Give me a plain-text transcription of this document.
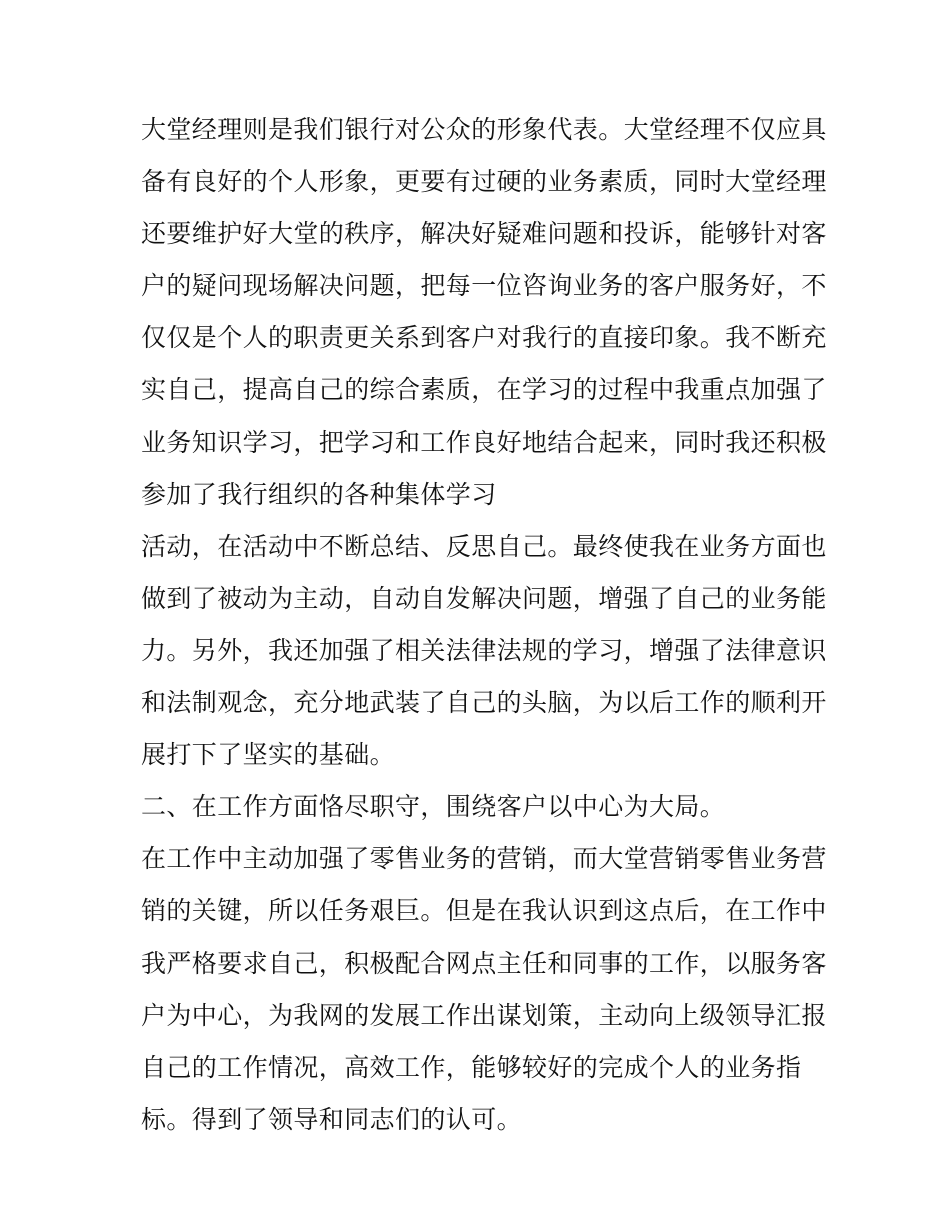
大堂经理则是我们银行对公众的形象代表。大堂经理不仅应具
备有良好的个人形象，更要有过硬的业务素质，同时大堂经理
还要维护好大堂的秩序，解决好疑难问题和投诉，能够针对客
户的疑问现场解决问题，把每一位咨询业务的客户服务好，不
仅仅是个人的职责更关系到客户对我行的直接印象。我不断充
实自己，提高自己的综合素质，在学习的过程中我重点加强了
业务知识学习，把学习和工作良好地结合起来，同时我还积极
参加了我行组织的各种集体学习
活动，在活动中不断总结、反思自己。最终使我在业务方面也
做到了被动为主动，自动自发解决问题，增强了自己的业务能
力。另外，我还加强了相关法律法规的学习，增强了法律意识
和法制观念，充分地武装了自己的头脑，为以后工作的顺利开
展打下了坚实的基础。
二、在工作方面恪尽职守，围绕客户以中心为大局。
在工作中主动加强了零售业务的营销，而大堂营销零售业务营
销的关键，所以任务艰巨。但是在我认识到这点后，在工作中
我严格要求自己，积极配合网点主任和同事的工作，以服务客
户为中心，为我网的发展工作出谋划策，主动向上级领导汇报
自己的工作情况，高效工作，能够较好的完成个人的业务指
标。得到了领导和同志们的认可。
